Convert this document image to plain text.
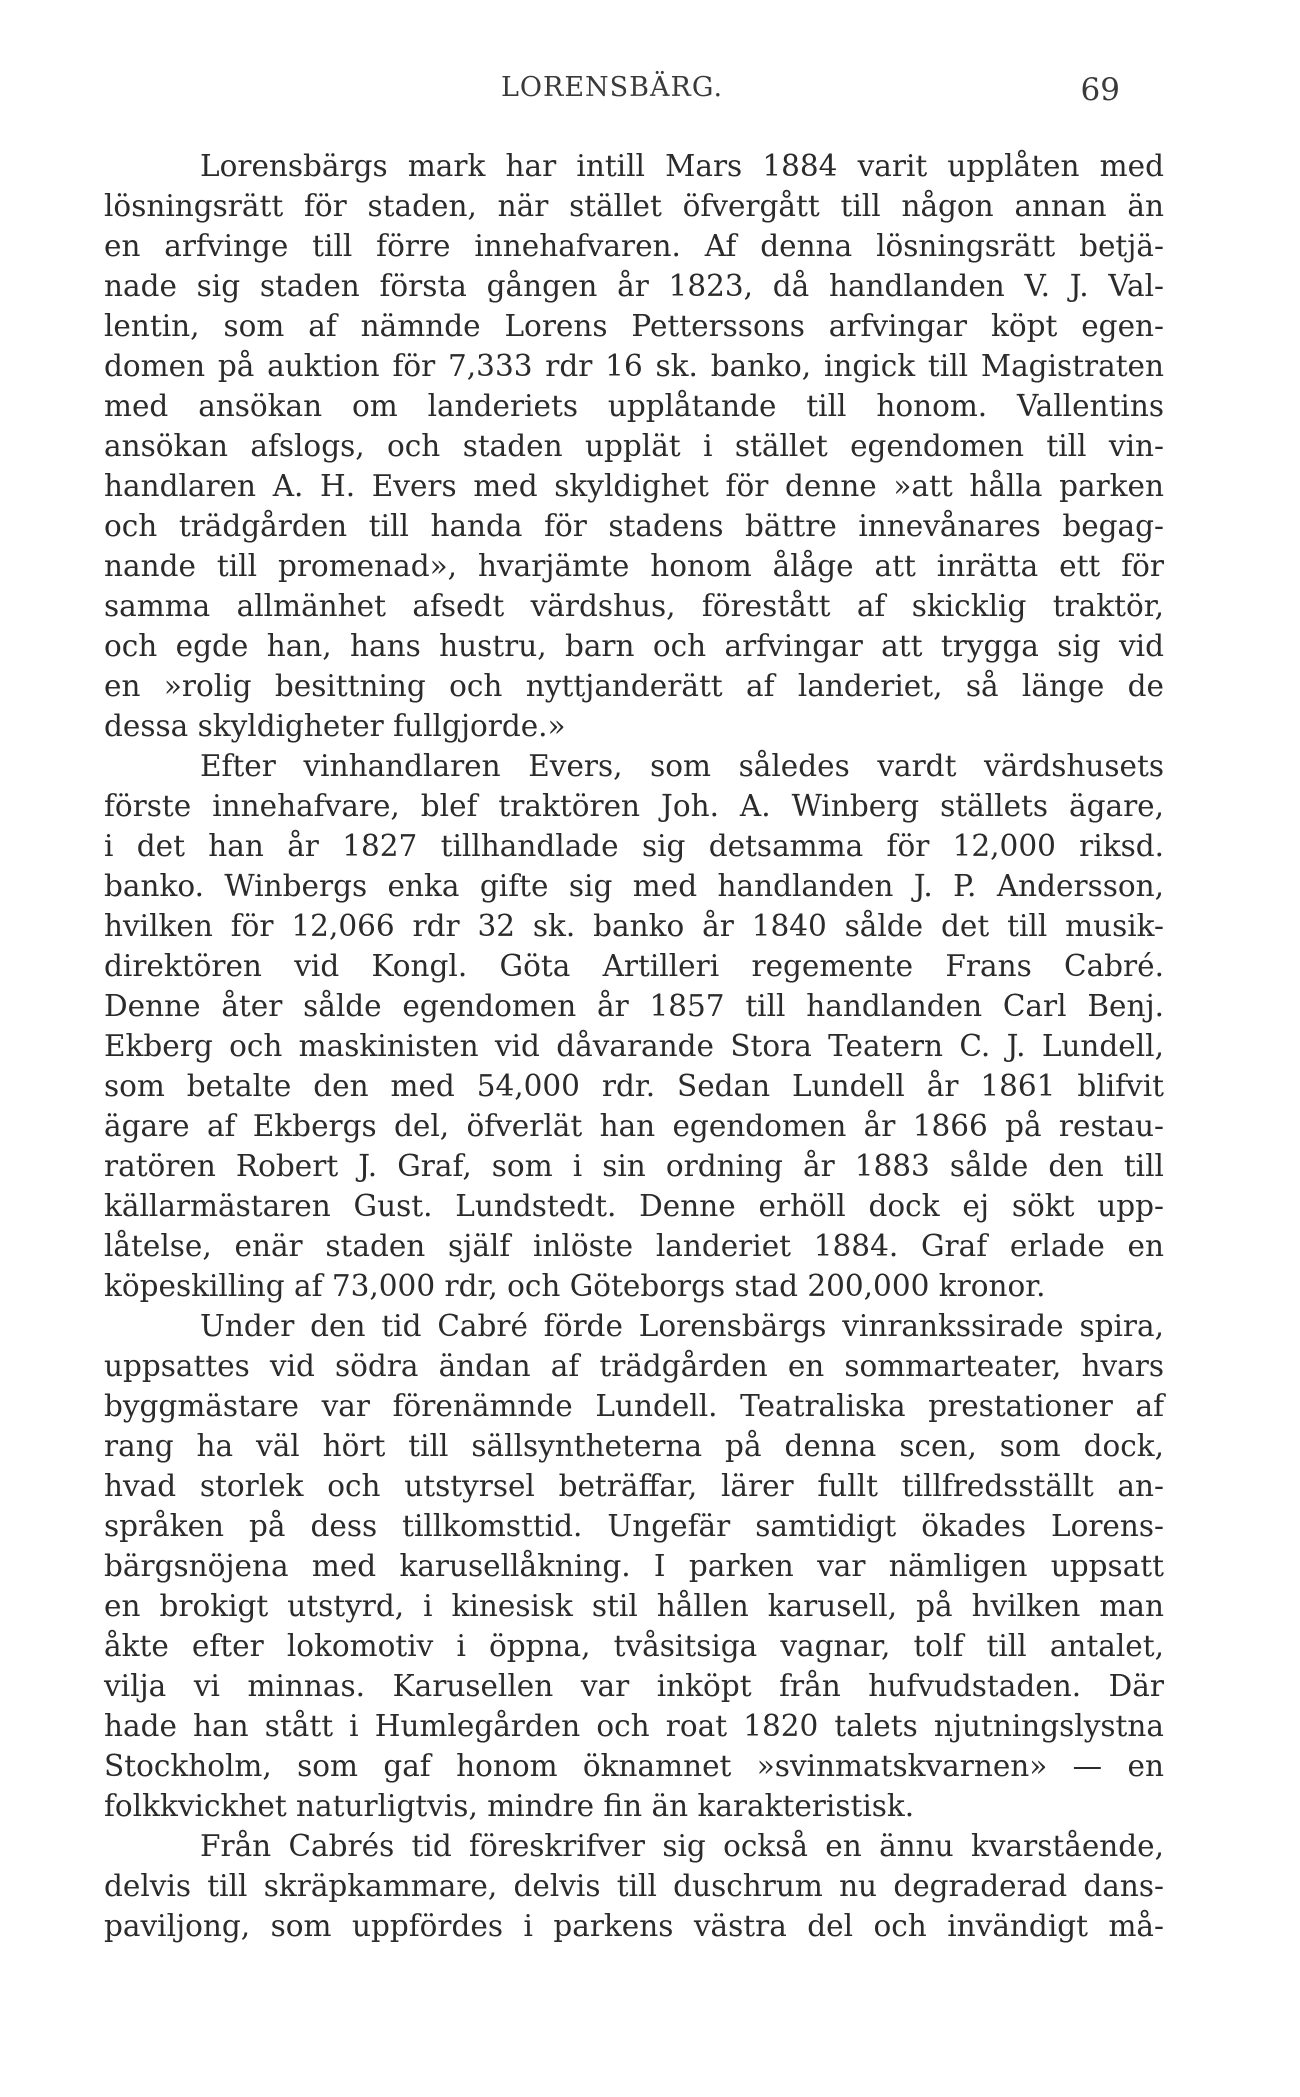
LORENSBÄRG.	69
Lorensbärgs mark har intill Mars 1884 varit upplåten med
lösningsrätt för staden, när stället öfvergått till någon annan än
en arfvinge till förre innehafvaren. Af denna lösningsrätt betjä-
nade sig staden första gången år 1823, då handlanden V. J. Val-
lentin, som af nämnde Lorens Petterssons arfvingar köpt egen-
domen på auktion för 7,333 rdr 16 sk. banko, ingick till Magistraten
med ansökan om landeriets upplåtande till honom. Vallentins
ansökan afslogs, och staden upplät i stället egendomen till vin-
handlaren A. H. Evers med skyldighet för denne »att hålla parken
och trädgården till handa för stadens bättre innevånares begag-
nande till promenad», hvarjämte honom ålåge att inrätta ett för
samma allmänhet afsedt värdshus, förestått af skicklig traktör,
och egde han, hans hustru, barn och arfvingar att trygga sig vid
en »rolig besittning och nyttjanderätt af landeriet, så länge de
dessa skyldigheter fullgjorde.»
Efter vinhandlaren Evers, som således vardt värdshusets
förste innehafvare, blef traktören Joh. A. Winberg ställets ägare,
i det han år 1827 tillhandlade sig detsamma för 12,000 riksd.
banko. Winbergs enka gifte sig med handlanden J. P. Andersson,
hvilken för 12,066 rdr 32 sk. banko år 1840 sålde det till musik-
direktören vid Kongl. Göta Artilleri regemente Frans Cabré.
Denne åter sålde egendomen år 1857 till handlanden Carl Benj.
Ekberg och maskinisten vid dåvarande Stora Teatern C. J. Lundell,
som betalte den med 54,000 rdr. Sedan Lundell år 1861 blifvit
ägare af Ekbergs del, öfverlät han egendomen år 1866 på restau-
ratören Robert J. Graf, som i sin ordning år 1883 sålde den till
källarmästaren Gust. Lundstedt. Denne erhöll dock ej sökt upp-
låtelse, enär staden själf inlöste landeriet 1884. Graf erlade en
köpeskilling af 73,000 rdr, och Göteborgs stad 200,000 kronor.
Under den tid Cabré förde Lorensbärgs vinrankssirade spira,
uppsattes vid södra ändan af trädgården en sommarteater, hvars
byggmästare var förenämnde Lundell. Teatraliska prestationer af
rang ha väl hört till sällsyntheterna på denna scen, som dock,
hvad storlek och utstyrsel beträffar, lärer fullt tillfredsställt an-
språken på dess tillkomsttid. Ungefär samtidigt ökades Lorens-
bärgsnöjena med karusellåkning. I parken var nämligen uppsatt
en brokigt utstyrd, i kinesisk stil hållen karusell, på hvilken man
åkte efter lokomotiv i öppna, tvåsitsiga vagnar, tolf till antalet,
vilja vi minnas. Karusellen var inköpt från hufvudstaden. Där
hade han stått i Humlegården och roat 1820 talets njutningslystna
Stockholm, som gaf honom öknamnet »svinmatskvarnen» — en
folkkvickhet naturligtvis, mindre fin än karakteristisk.
Från Cabrés tid föreskrifver sig också en ännu kvarstående,
delvis till skräpkammare, delvis till duschrum nu degraderad dans-
paviljong, som uppfördes i parkens västra del och invändigt må-
